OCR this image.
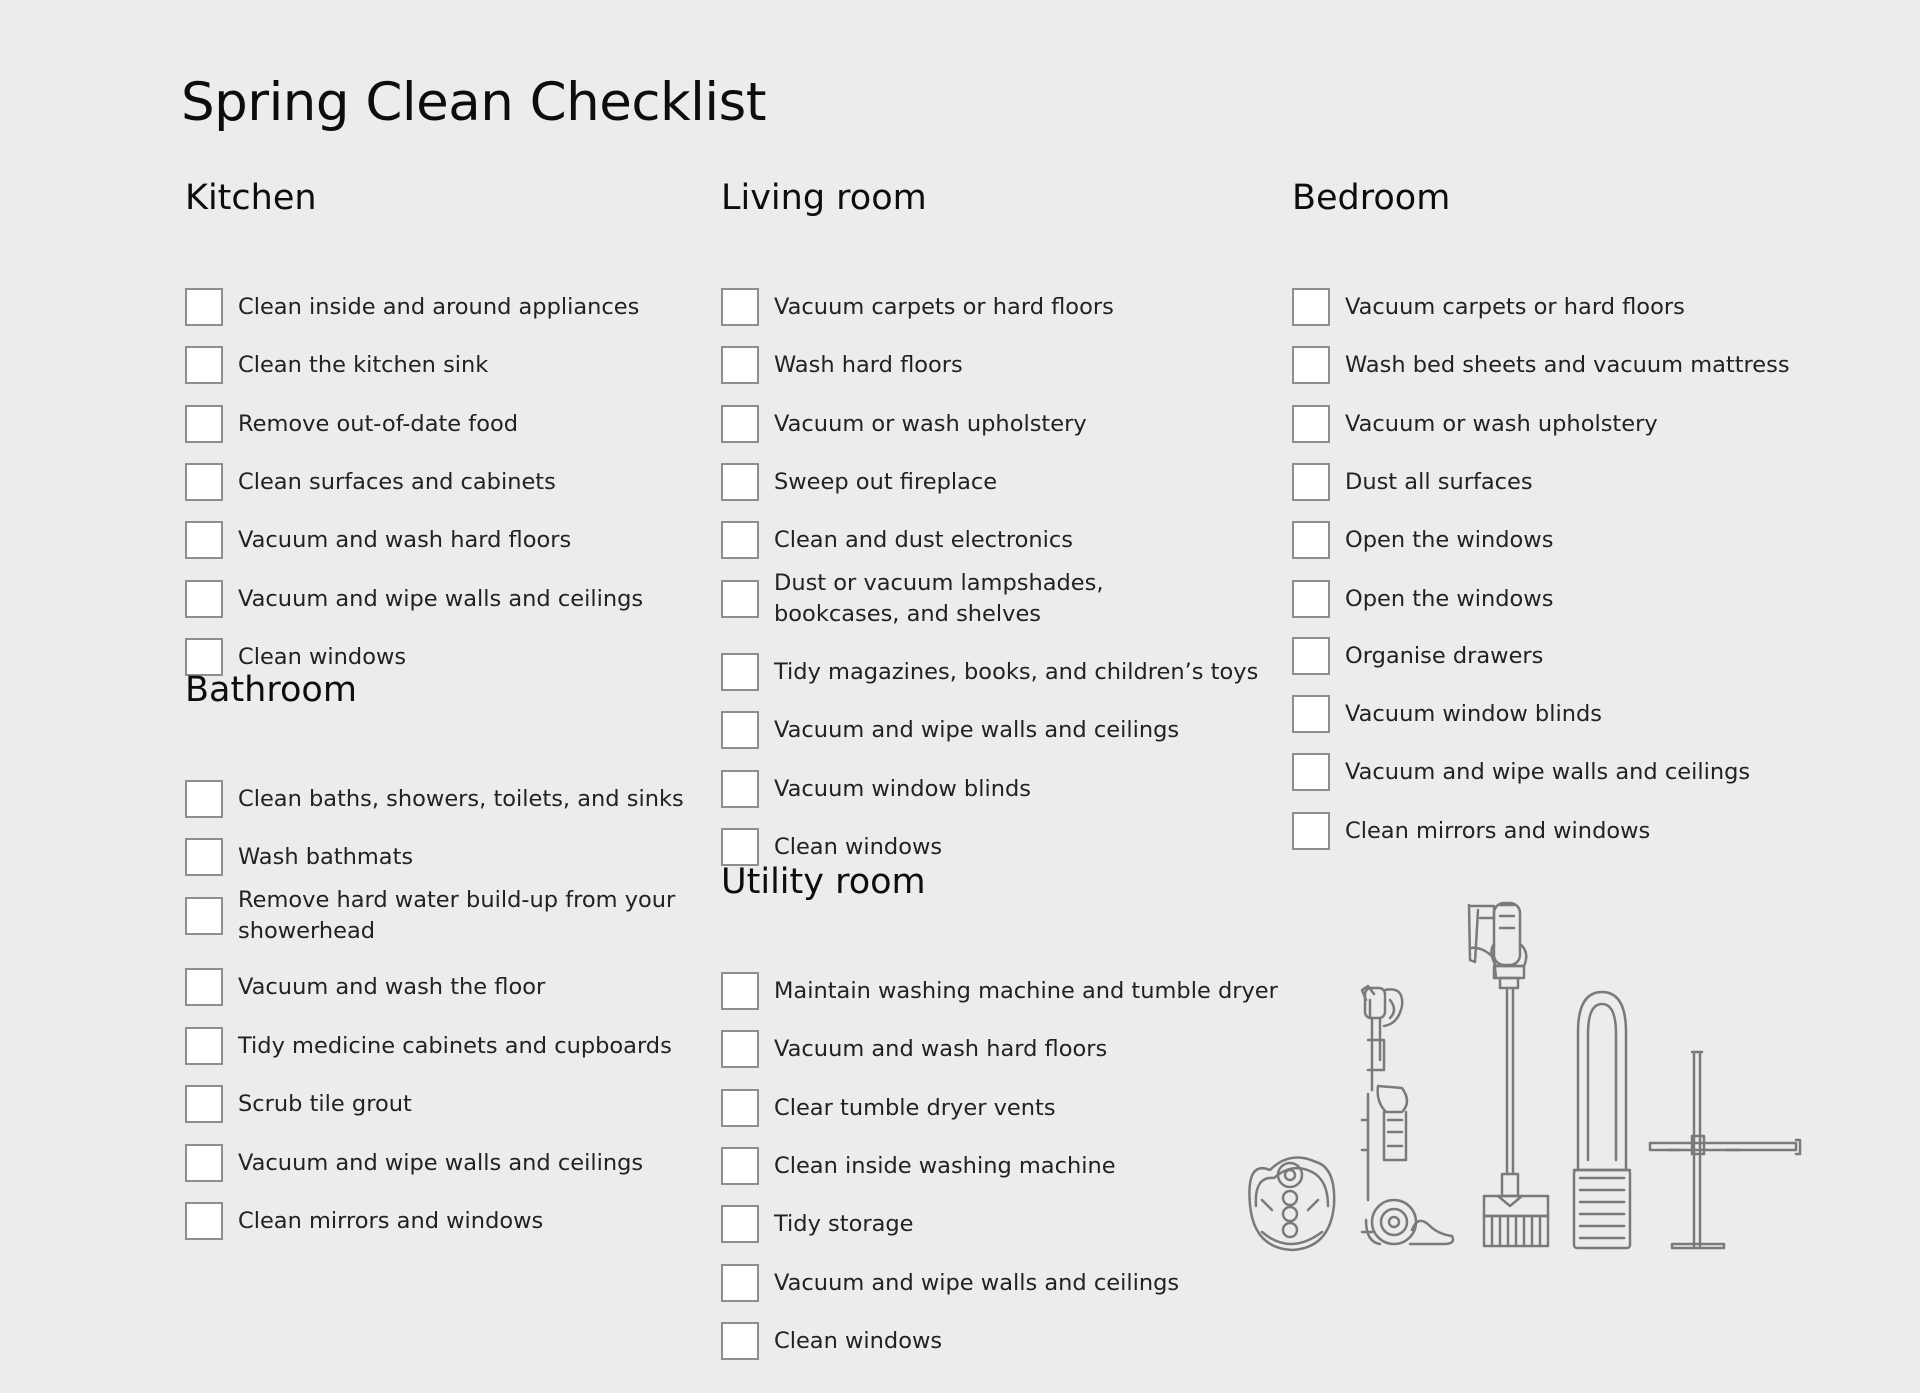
Spring Clean Checklist
Kitchen
Clean inside and around appliances
Clean the kitchen sink
Remove out-of-date food
Clean surfaces and cabinets
Vacuum and wash hard floors
Vacuum and wipe walls and ceilings
Clean windows
Bathroom
Clean baths, showers, toilets, and sinks
Wash bathmats
Remove hard water build-up from your showerhead
Vacuum and wash the floor
Tidy medicine cabinets and cupboards
Scrub tile grout
Vacuum and wipe walls and ceilings
Clean mirrors and windows
Living room
Vacuum carpets or hard floors
Wash hard floors
Vacuum or wash upholstery
Sweep out fireplace
Clean and dust electronics
Dust or vacuum lampshades, bookcases, and shelves
Tidy magazines, books, and children’s toys
Vacuum and wipe walls and ceilings
Vacuum window blinds
Clean windows
Utility room
Maintain washing machine and tumble dryer
Vacuum and wash hard floors
Clear tumble dryer vents
Clean inside washing machine
Tidy storage
Vacuum and wipe walls and ceilings
Clean windows
Bedroom
Vacuum carpets or hard floors
Wash bed sheets and vacuum mattress
Vacuum or wash upholstery
Dust all surfaces
Open the windows
Open the windows
Organise drawers
Vacuum window blinds
Vacuum and wipe walls and ceilings
Clean mirrors and windows
